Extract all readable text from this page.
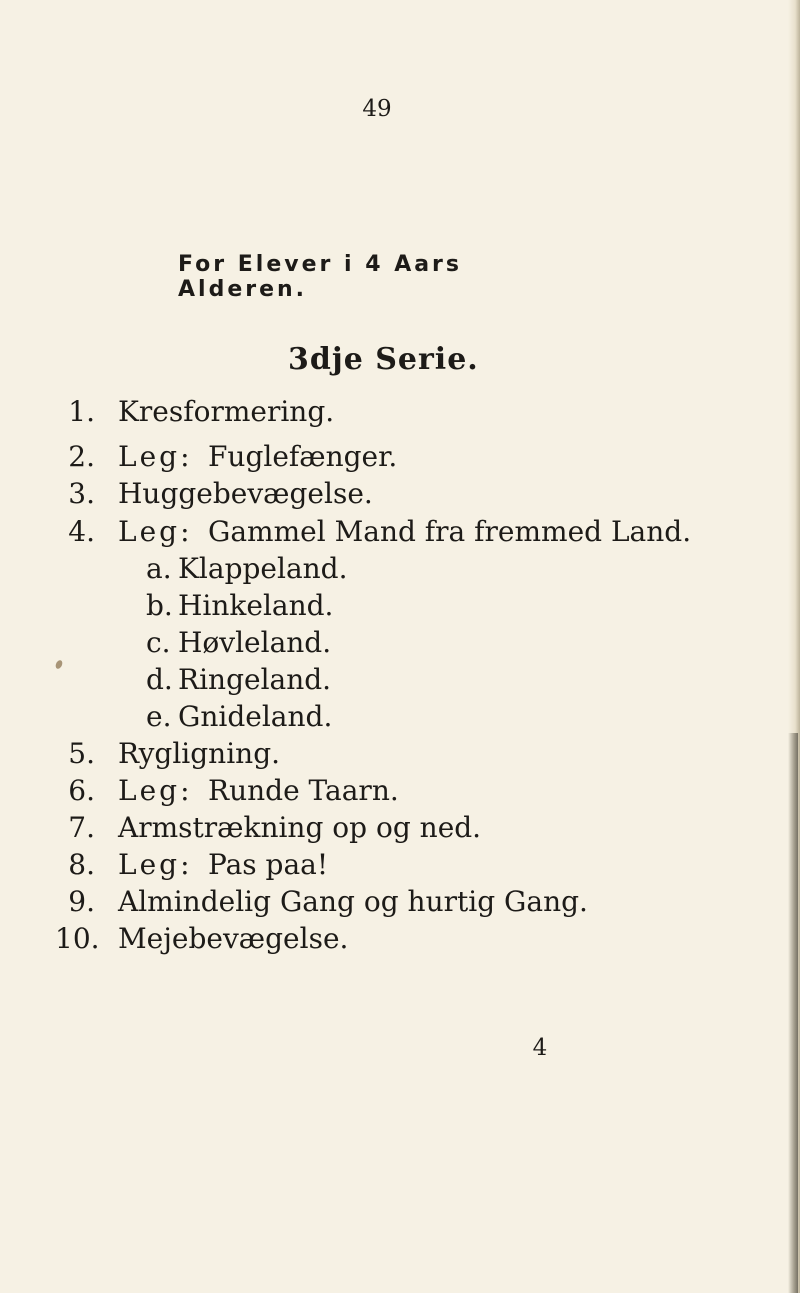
49
For Elever i 4 Aars Alderen.
3dje Serie.
1. Kresformering.
2. Leg: Fuglefænger.
3. Huggebevægelse.
4. Leg: Gammel Mand fra fremmed Land.
a. Klappeland.
b. Hinkeland.
c. Høvleland.
d. Ringeland.
e. Gnideland.
5. Rygligning.
6. Leg: Runde Taarn.
7. Armstrækning op og ned.
8. Leg: Pas paa!
9. Almindelig Gang og hurtig Gang.
10. Mejebevægelse.
4
